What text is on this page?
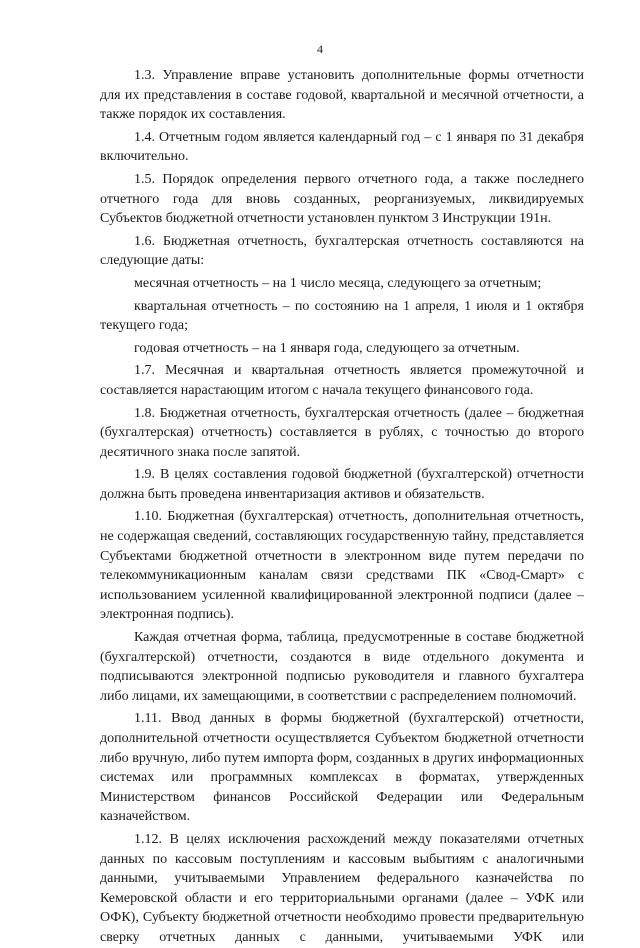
4

1.3. Управление вправе установить дополнительные формы отчетности для их представления в составе годовой, квартальной и месячной отчетности, а также порядок их составления.

1.4. Отчетным годом является календарный год – с 1 января по 31 декабря включительно.

1.5. Порядок определения первого отчетного года, а также последнего отчетного года для вновь созданных, реорганизуемых, ликвидируемых Субъектов бюджетной отчетности установлен пунктом 3 Инструкции 191н.

1.6. Бюджетная отчетность, бухгалтерская отчетность составляются на следующие даты:

месячная отчетность – на 1 число месяца, следующего за отчетным;

квартальная отчетность – по состоянию на 1 апреля, 1 июля и 1 октября текущего года;

годовая отчетность – на 1 января года, следующего за отчетным.

1.7. Месячная и квартальная отчетность является промежуточной и составляется нарастающим итогом с начала текущего финансового года.

1.8. Бюджетная отчетность, бухгалтерская отчетность (далее – бюджетная (бухгалтерская) отчетность) составляется в рублях, с точностью до второго десятичного знака после запятой.

1.9. В целях составления годовой бюджетной (бухгалтерской) отчетности должна быть проведена инвентаризация активов и обязательств.

1.10. Бюджетная (бухгалтерская) отчетность, дополнительная отчетность, не содержащая сведений, составляющих государственную тайну, представляется Субъектами бюджетной отчетности в электронном виде путем передачи по телекоммуникационным каналам связи средствами ПК «Свод-Смарт» с использованием усиленной квалифицированной электронной подписи (далее – электронная подпись).

Каждая отчетная форма, таблица, предусмотренные в составе бюджетной (бухгалтерской) отчетности, создаются в виде отдельного документа и подписываются электронной подписью руководителя и главного бухгалтера либо лицами, их замещающими, в соответствии с распределением полномочий.

1.11. Ввод данных в формы бюджетной (бухгалтерской) отчетности, дополнительной отчетности осуществляется Субъектом бюджетной отчетности либо вручную, либо путем импорта форм, созданных в других информационных системах или программных комплексах в форматах, утвержденных Министерством финансов Российской Федерации или Федеральным казначейством.

1.12. В целях исключения расхождений между показателями отчетных данных по кассовым поступлениям и кассовым выбытиям с аналогичными данными, учитываемыми Управлением федерального казначейства по Кемеровской области и его территориальными органами (далее – УФК или ОФК), Субъекту бюджетной отчетности необходимо провести предварительную сверку отчетных данных с данными, учитываемыми УФК или
